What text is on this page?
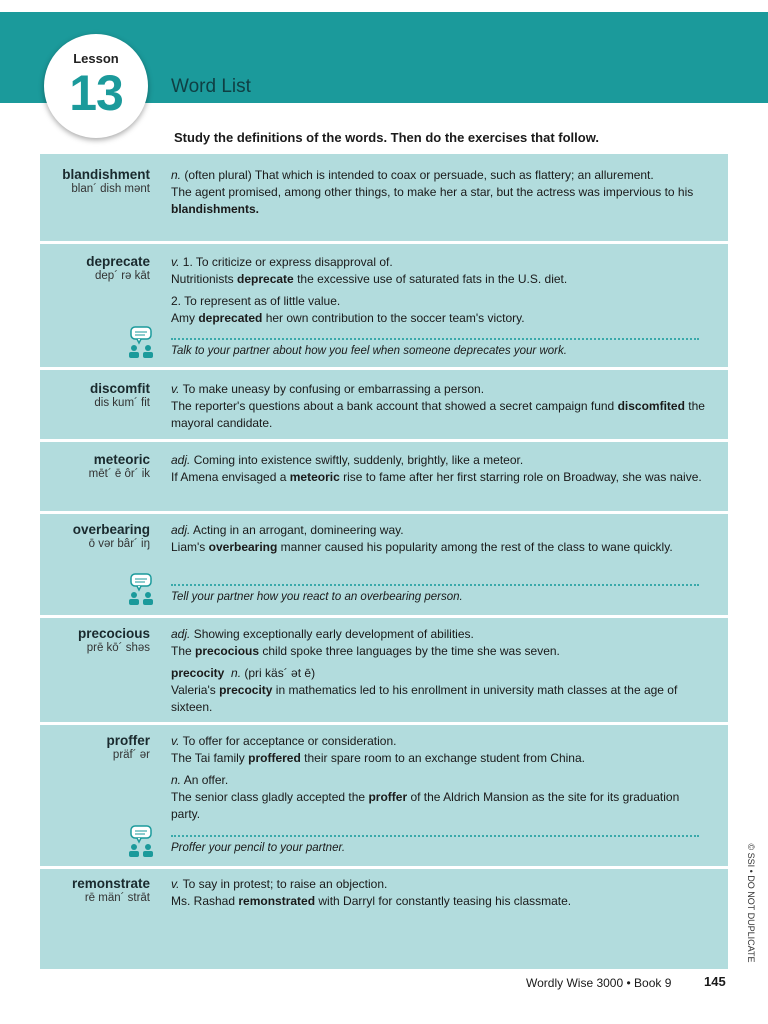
Lesson
13	Word List
Study the definitions of the words. Then do the exercises that follow.
blandishment
blan´ dish mənt

n. (often plural) That which is intended to coax or persuade, such as flattery; an allurement.

The agent promised, among other things, to make her a star, but the actress was impervious to his blandishments.

deprecate
dep´ rə kāt

v. 1. To criticize or express disapproval of.

Nutritionists deprecate the excessive use of saturated fats in the U.S. diet.

2. To represent as of little value.

Amy deprecated her own contribution to the soccer team's victory.

Talk to your partner about how you feel when someone deprecates your work.
discomfit
dis kum´ fit

v. To make uneasy by confusing or embarrassing a person.

The reporter's questions about a bank account that showed a secret campaign fund discomfited the mayoral candidate.

meteoric
mēt´ ē ôr´ ik

adj. Coming into existence swiftly, suddenly, brightly, like a meteor.

If Amena envisaged a meteoric rise to fame after her first starring role on Broadway, she was naive.

overbearing
ō vər bâr´ iŋ

adj. Acting in an arrogant, domineering way.

Liam's overbearing manner caused his popularity among the rest of the class to wane quickly.

Tell your partner how you react to an overbearing person.
precocious
prē kō´ shəs

adj. Showing exceptionally early development of abilities.

The precocious child spoke three languages by the time she was seven.

precocity n. (pri käs´ ət ē)

Valeria's precocity in mathematics led to his enrollment in university math classes at the age of sixteen.

proffer
präf´ ər

v. To offer for acceptance or consideration.

The Tai family proffered their spare room to an exchange student from China.

n. An offer.

The senior class gladly accepted the proffer of the Aldrich Mansion as the site for its graduation party.

Proffer your pencil to your partner.
remonstrate
rē män´ strāt

v. To say in protest; to raise an objection.

Ms. Rashad remonstrated with Darryl for constantly teasing his classmate.

Wordly Wise 3000 • Book 9	145
© SSI • DO NOT DUPLICATE
